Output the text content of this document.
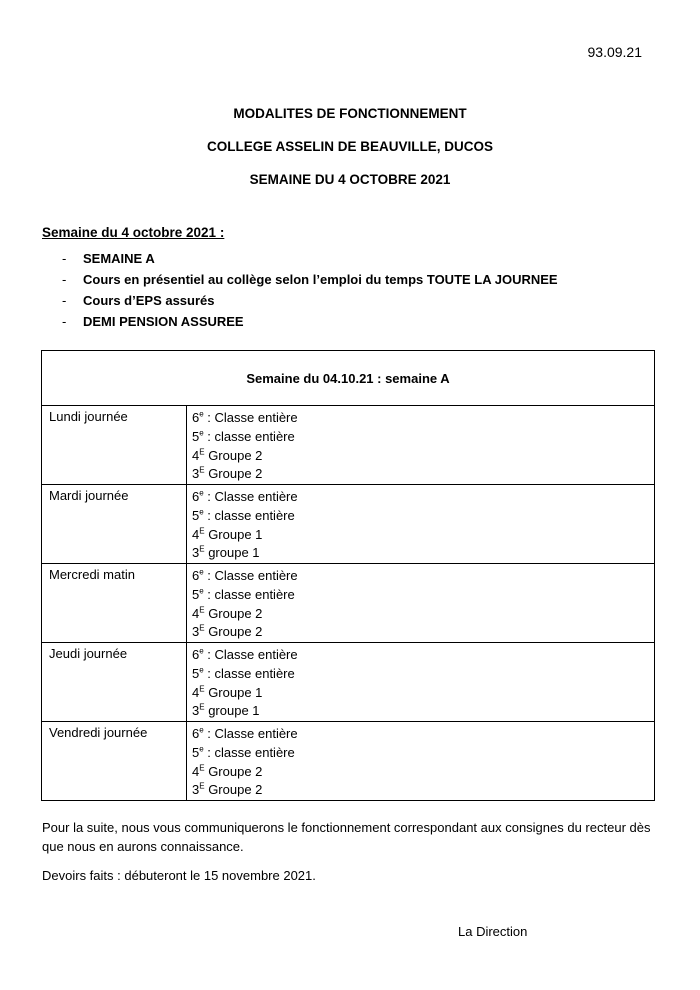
93.09.21
MODALITES DE FONCTIONNEMENT
COLLEGE ASSELIN DE BEAUVILLE, DUCOS
SEMAINE DU 4 OCTOBRE 2021
Semaine du 4 octobre 2021 :
- SEMAINE A
- Cours en présentiel au collège selon l’emploi du temps TOUTE LA JOURNEE
- Cours d’EPS assurés
- DEMI PENSION ASSUREE
Semaine du 04.10.21 : semaine A	
Lundi journée	6e : Classe entière
5e : classe entière
$4^E$ Groupe 2
$3^E$ Groupe 2

Mardi journée	6e : Classe entière
5e : classe entière
$4^E$ Groupe 1
$3^E$ groupe 1

Mercredi matin	6e : Classe entière
5e : classe entière
$4^E$ Groupe 2
$3^E$ Groupe 2

Jeudi journée	6e : Classe entière
5e : classe entière
$4^E$ Groupe 1
$3^E$ groupe 1

Vendredi journée	6e : Classe entière
5e : classe entière
$4^E$ Groupe 2
$3^E$ Groupe 2

Pour la suite, nous vous communiquerons le fonctionnement correspondant aux consignes du recteur dès que nous en aurons connaissance.

Devoirs faits : débuteront le 15 novembre 2021.

La Direction
